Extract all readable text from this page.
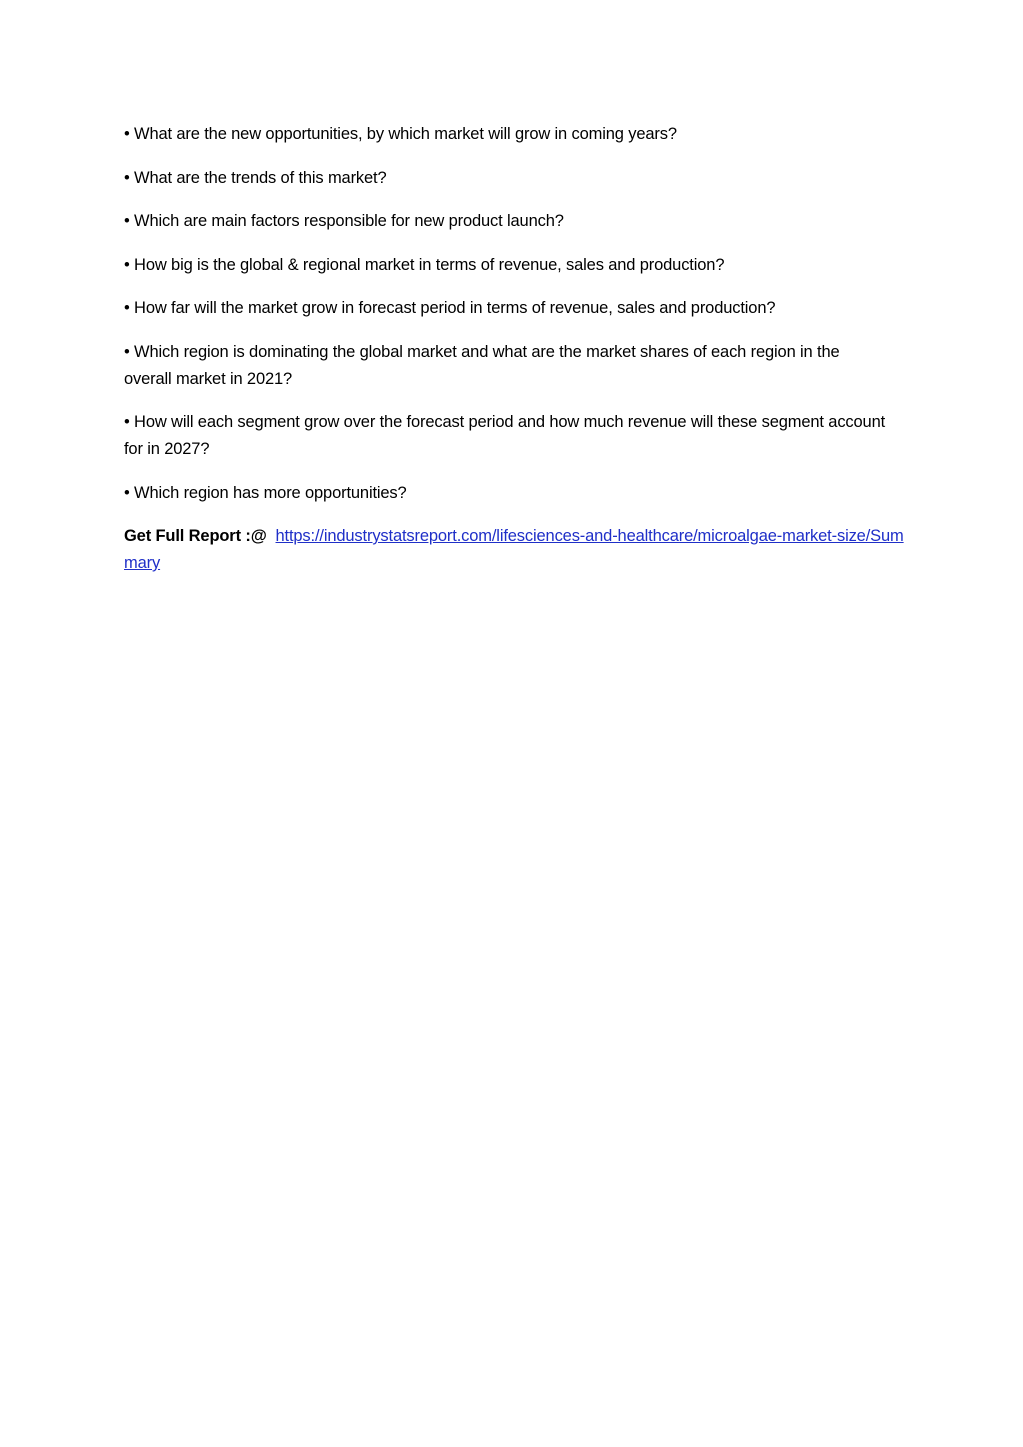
• What are the new opportunities, by which market will grow in coming years?

• What are the trends of this market?

• Which are main factors responsible for new product launch?

• How big is the global & regional market in terms of revenue, sales and production?

• How far will the market grow in forecast period in terms of revenue, sales and production?

• Which region is dominating the global market and what are the market shares of each region in the overall market in 2021?

• How will each segment grow over the forecast period and how much revenue will these segment account for in 2027?

• Which region has more opportunities?

Get Full Report :@ https://industrystatsreport.com/lifesciences-and-healthcare/microalgae-market-size/Summary
